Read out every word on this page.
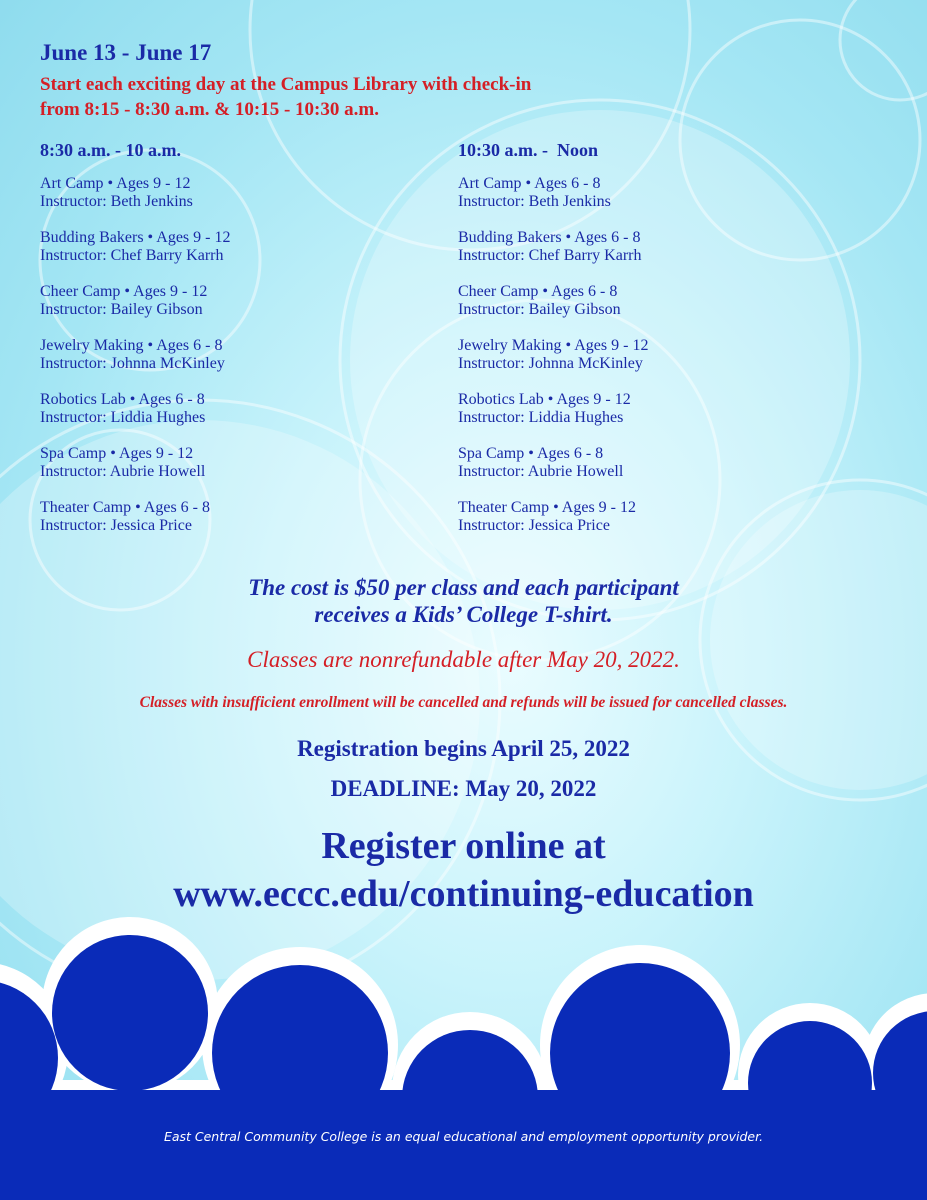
June 13 - June 17

Start each exciting day at the Campus Library with check-in
from 8:15 - 8:30 a.m. & 10:15 - 10:30 a.m.

8:30 a.m. - 10 a.m.

Art Camp • Ages 9 - 12
Instructor: Beth Jenkins
Budding Bakers • Ages 9 - 12
Instructor: Chef Barry Karrh
Cheer Camp • Ages 9 - 12
Instructor: Bailey Gibson
Jewelry Making • Ages 6 - 8
Instructor: Johnna McKinley
Robotics Lab • Ages 6 - 8
Instructor: Liddia Hughes
Spa Camp • Ages 9 - 12
Instructor: Aubrie Howell
Theater Camp • Ages 6 - 8
Instructor: Jessica Price

10:30 a.m. -  Noon

Art Camp • Ages 6 - 8
Instructor: Beth Jenkins
Budding Bakers • Ages 6 - 8
Instructor: Chef Barry Karrh
Cheer Camp • Ages 6 - 8
Instructor: Bailey Gibson
Jewelry Making • Ages 9 - 12
Instructor: Johnna McKinley
Robotics Lab • Ages 9 - 12
Instructor: Liddia Hughes
Spa Camp • Ages 6 - 8
Instructor: Aubrie Howell
Theater Camp • Ages 9 - 12
Instructor: Jessica Price

The cost is $50 per class and each participant
receives a Kids’ College T-shirt.

Classes are nonrefundable after May 20, 2022.

Classes with insufficient enrollment will be cancelled and refunds will be issued for cancelled classes.

Registration begins April 25, 2022

DEADLINE: May 20, 2022

Register online at
www.eccc.edu/continuing-education

East Central Community College is an equal educational and employment opportunity provider.
